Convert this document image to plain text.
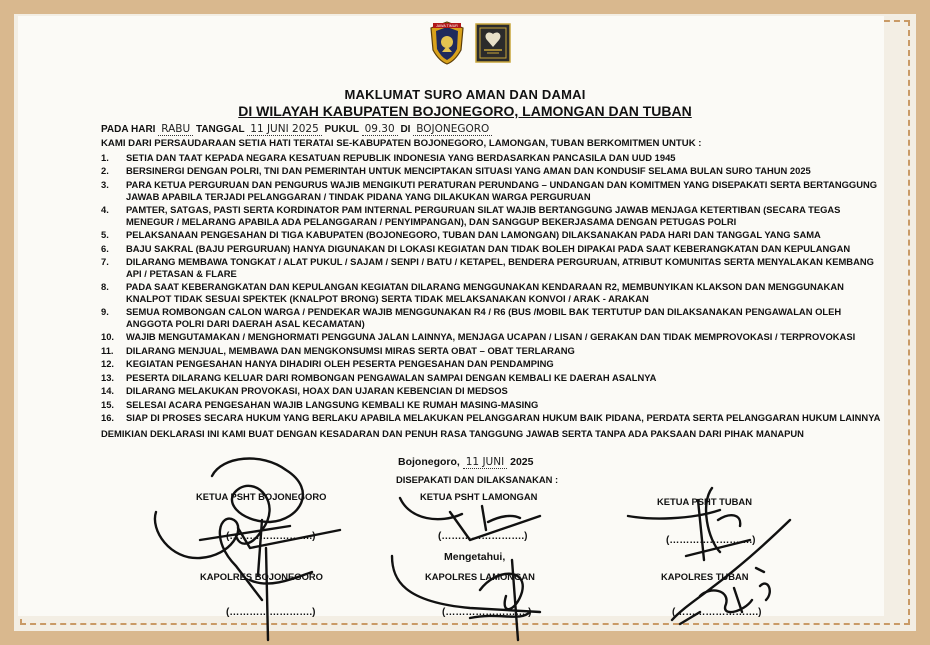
JAWA TIMUR
MAKLUMAT SURO AMAN DAN DAMAI
DI WILAYAH KABUPATEN BOJONEGORO, LAMONGAN DAN TUBAN
PADA HARI RABU TANGGAL 11 JUNI 2025 PUKUL 09.30 DI BOJONEGORO
KAMI DARI PERSAUDARAAN SETIA HATI TERATAI SE-KABUPATEN BOJONEGORO, LAMONGAN, TUBAN BERKOMITMEN UNTUK :
1. SETIA DAN TAAT KEPADA NEGARA KESATUAN REPUBLIK INDONESIA YANG BERDASARKAN PANCASILA DAN UUD 1945
2. BERSINERGI DENGAN POLRI, TNI DAN PEMERINTAH UNTUK MENCIPTAKAN SITUASI YANG AMAN DAN KONDUSIF SELAMA BULAN SURO TAHUN 2025
3. PARA KETUA PERGURUAN DAN PENGURUS WAJIB MENGIKUTI PERATURAN PERUNDANG – UNDANGAN DAN KOMITMEN YANG DISEPAKATI SERTA BERTANGGUNG JAWAB APABILA TERJADI PELANGGARAN / TINDAK PIDANA YANG DILAKUKAN WARGA PERGURUAN
4. PAMTER, SATGAS, PASTI SERTA KORDINATOR PAM INTERNAL PERGURUAN SILAT WAJIB BERTANGGUNG JAWAB MENJAGA KETERTIBAN (SECARA TEGAS MENEGUR / MELARANG APABILA ADA PELANGGARAN / PENYIMPANGAN), DAN SANGGUP BEKERJASAMA DENGAN PETUGAS POLRI
5. PELAKSANAAN PENGESAHAN DI TIGA KABUPATEN (BOJONEGORO, TUBAN DAN LAMONGAN) DILAKSANAKAN PADA HARI DAN TANGGAL YANG SAMA
6. BAJU SAKRAL (BAJU PERGURUAN) HANYA DIGUNAKAN DI LOKASI KEGIATAN DAN TIDAK BOLEH DIPAKAI PADA SAAT KEBERANGKATAN DAN KEPULANGAN
7. DILARANG MEMBAWA TONGKAT / ALAT PUKUL / SAJAM / SENPI / BATU / KETAPEL, BENDERA PERGURUAN, ATRIBUT KOMUNITAS SERTA MENYALAKAN KEMBANG API / PETASAN & FLARE
8. PADA SAAT KEBERANGKATAN DAN KEPULANGAN KEGIATAN DILARANG MENGGUNAKAN KENDARAAN R2, MEMBUNYIKAN KLAKSON DAN MENGGUNAKAN KNALPOT TIDAK SESUAI SPEKTEK (KNALPOT BRONG) SERTA TIDAK MELAKSANAKAN KONVOI / ARAK - ARAKAN
9. SEMUA ROMBONGAN CALON WARGA / PENDEKAR WAJIB MENGGUNAKAN R4 / R6 (BUS /MOBIL BAK TERTUTUP DAN DILAKSANAKAN PENGAWALAN OLEH ANGGOTA POLRI DARI DAERAH ASAL KECAMATAN)
10. WAJIB MENGUTAMAKAN / MENGHORMATI PENGGUNA JALAN LAINNYA, MENJAGA UCAPAN / LISAN / GERAKAN DAN TIDAK MEMPROVOKASI / TERPROVOKASI
11. DILARANG MENJUAL, MEMBAWA DAN MENGKONSUMSI MIRAS SERTA OBAT – OBAT TERLARANG
12. KEGIATAN PENGESAHAN HANYA DIHADIRI OLEH PESERTA PENGESAHAN DAN PENDAMPING
13. PESERTA DILARANG KELUAR DARI ROMBONGAN PENGAWALAN SAMPAI DENGAN KEMBALI KE DAERAH ASALNYA
14. DILARANG MELAKUKAN PROVOKASI, HOAX DAN UJARAN KEBENCIAN DI MEDSOS
15. SELESAI ACARA PENGESAHAN WAJIB LANGSUNG KEMBALI KE RUMAH MASING-MASING
16. SIAP DI PROSES SECARA HUKUM YANG BERLAKU APABILA MELAKUKAN PELANGGARAN HUKUM BAIK PIDANA, PERDATA SERTA PELANGGARAN HUKUM LAINNYA
DEMIKIAN DEKLARASI INI KAMI BUAT DENGAN KESADARAN DAN PENUH RASA TANGGUNG JAWAB SERTA TANPA ADA PAKSAAN DARI PIHAK MANAPUN
Bojonegoro, 11 JUNI 2025
DISEPAKATI DAN DILAKSANAKAN :
KETUA PSHT BOJONEGORO
(…………………….)
KAPOLRES BOJONEGORO
(…………………….)
KETUA PSHT LAMONGAN
(…………………….)
Mengetahui,
KAPOLRES LAMONGAN
(…………………….)
KETUA PSHT TUBAN
(…………………….)
KAPOLRES TUBAN
(…………………….)
